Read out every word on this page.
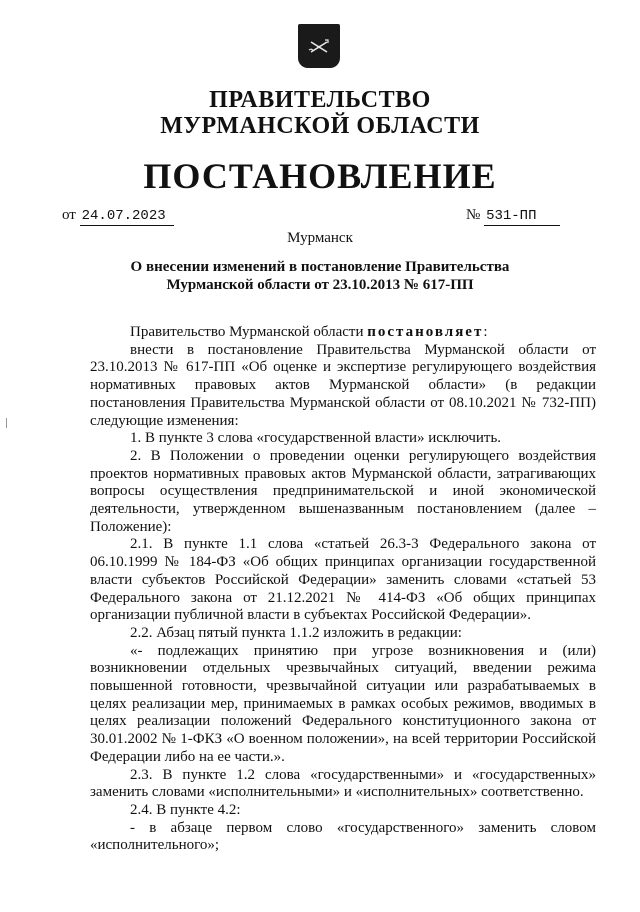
ПРАВИТЕЛЬСТВО
МУРМАНСКОЙ ОБЛАСТИ
ПОСТАНОВЛЕНИЕ
от 24.07.2023	№ 531-ПП
Мурманск
О внесении изменений в постановление Правительства
Мурманской области от 23.10.2013 № 617-ПП

Правительство Мурманской области постановляет:

внести в постановление Правительства Мурманской области от 23.10.2013 № 617-ПП «Об оценке и экспертизе регулирующего воздействия нормативных правовых актов Мурманской области» (в редакции постановления Правительства Мурманской области от 08.10.2021 № 732-ПП) следующие изменения:

1. В пункте 3 слова «государственной власти» исключить.

2. В Положении о проведении оценки регулирующего воздействия проектов нормативных правовых актов Мурманской области, затрагивающих вопросы осуществления предпринимательской и иной экономической деятельности, утвержденном вышеназванным постановлением (далее – Положение):

2.1. В пункте 1.1 слова «статьей 26.3-3 Федерального закона от 06.10.1999 № 184-ФЗ «Об общих принципах организации государственной власти субъектов Российской Федерации» заменить словами «статьей 53 Федерального закона от 21.12.2021 № 414-ФЗ «Об общих принципах организации публичной власти в субъектах Российской Федерации».

2.2. Абзац пятый пункта 1.1.2 изложить в редакции:

«- подлежащих принятию при угрозе возникновения и (или) возникновении отдельных чрезвычайных ситуаций, введении режима повышенной готовности, чрезвычайной ситуации или разрабатываемых в целях реализации мер, принимаемых в рамках особых режимов, вводимых в целях реализации положений Федерального конституционного закона от 30.01.2002 № 1-ФКЗ «О военном положении», на всей территории Российской Федерации либо на ее части.».

2.3. В пункте 1.2 слова «государственными» и «государственных» заменить словами «исполнительными» и «исполнительных» соответственно.

2.4. В пункте 4.2:

- в абзаце первом слово «государственного» заменить словом «исполнительного»;
